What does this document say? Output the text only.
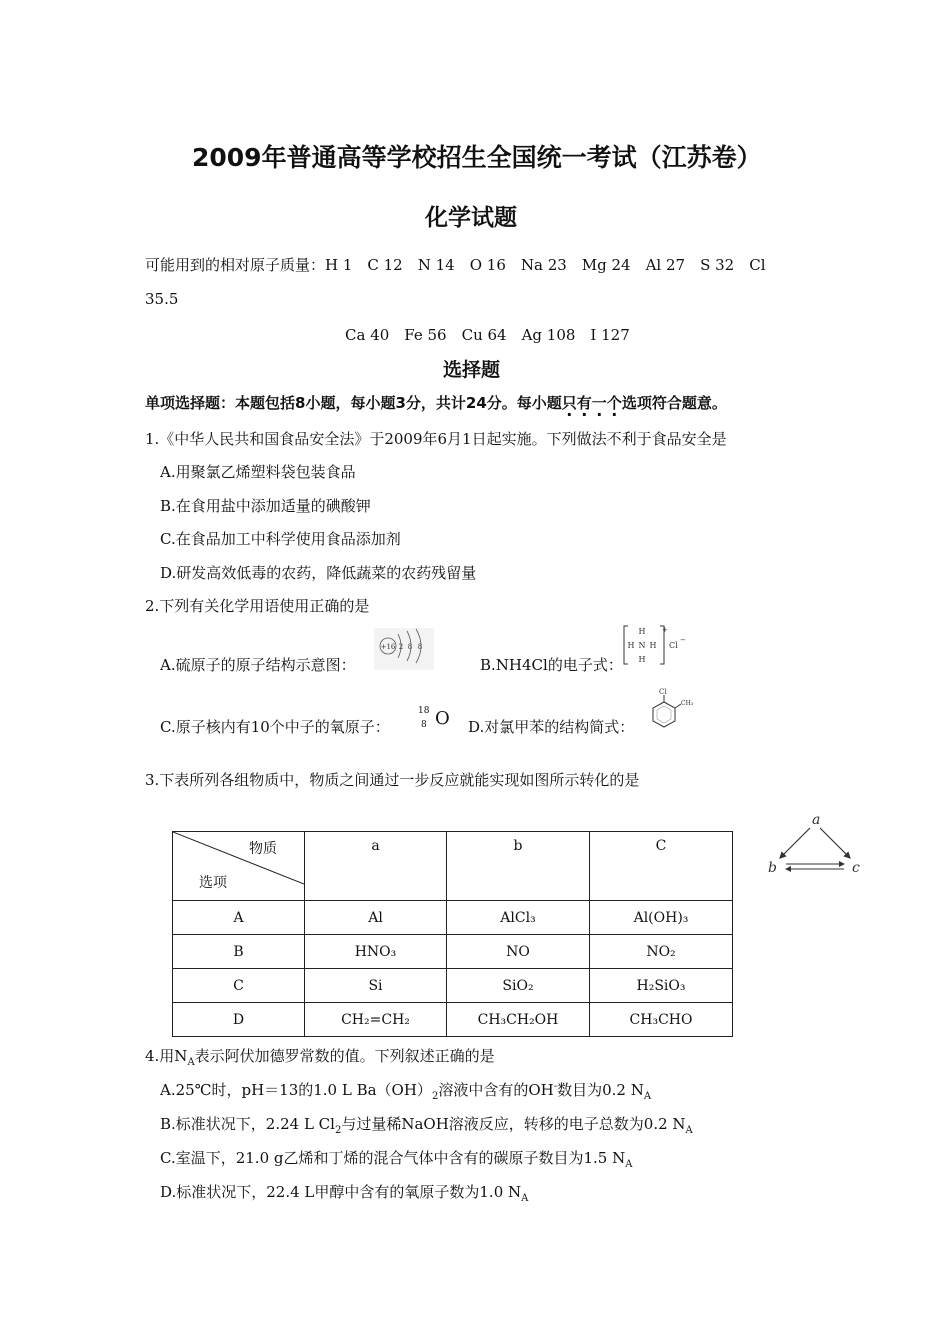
2009年普通高等学校招生全国统一考试（江苏卷）
化学试题
可能用到的相对原子质量：H 1　C 12　N 14　O 16　Na 23　Mg 24　Al 27　S 32　Cl
35.5
Ca 40　Fe 56　Cu 64　Ag 108　I 127
选择题
单项选择题：本题包括8小题，每小题3分，共计24分。每小题只有一个选项符合题意。
1.《中华人民共和国食品安全法》于2009年6月1日起实施。下列做法不利于食品安全是
A.用聚氯乙烯塑料袋包装食品
B.在食用盐中添加适量的碘酸钾
C.在食品加工中科学使用食品添加剂
D.研发高效低毒的农药，降低蔬菜的农药残留量
2.下列有关化学用语使用正确的是
A.硫原子的原子结构示意图：
+16 2 8 8
B.NH4Cl的电子式：
H
H N H
H
Cl
+
−
C.原子核内有10个中子的氧原子：
18
8 O D.对氯甲苯的结构简式：
Cl
CH₃
3.下表所列各组物质中，物质之间通过一步反应就能实现如图所示转化的是
物质
选项	a	b	C
A	Al	AlCl₃	Al(OH)₃
B	HNO₃	NO	NO₂
C	Si	SiO₂	H₂SiO₃
D	CH₂=CH₂	CH₃CH₂OH	CH₃CHO
a
b	c
4.用$N_A$表示阿伏加德罗常数的值。下列叙述正确的是
A.25℃时，pH＝13的1.0 L $Ba(OH)_2$溶液中含有的OH-数目为0.2 $N_A$
B.标准状况下，2.24 L $Cl_2$与过量稀NaOH溶液反应，转移的电子总数为0.2 $N_A$
C.室温下，21.0 g乙烯和丁烯的混合气体中含有的碳原子数目为1.5 $N_A$
D.标准状况下，22.4 L甲醇中含有的氧原子数为1.0 $N_A$
